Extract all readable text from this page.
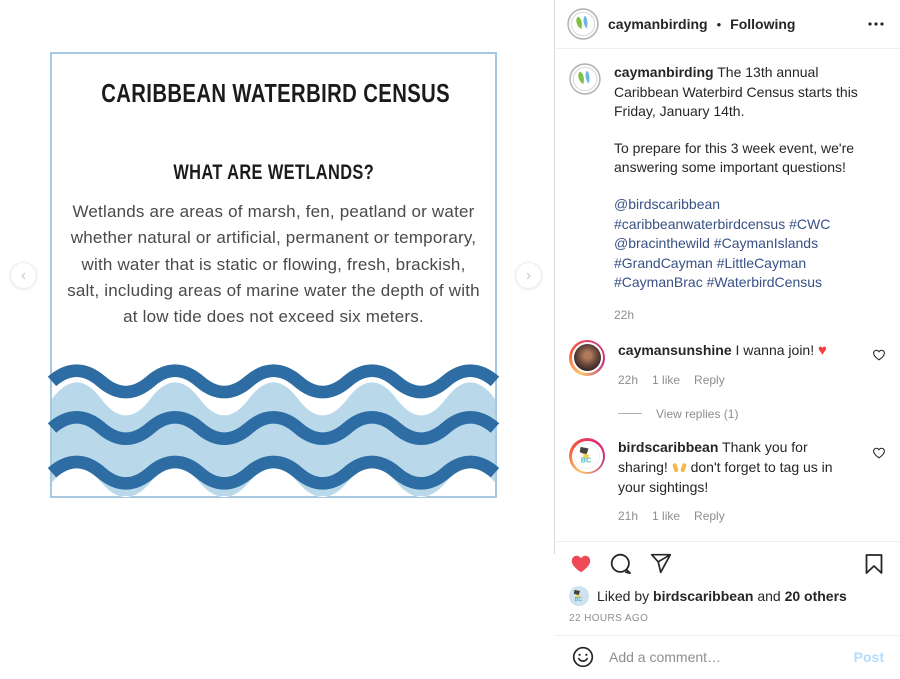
CARIBBEAN WATERBIRD CENSUS
WHAT ARE WETLANDS?
Wetlands are areas of marsh, fen, peatland or water whether natural or artificial, permanent or temporary, with water that is static or flowing, fresh, brackish, salt, including areas of marine water the depth of with at low tide does not exceed six meters.
‹	›
caymanbirding • Following
caymanbirding The 13th annual Caribbean Waterbird Census starts this Friday, January 14th.
To prepare for this 3 week event, we're answering some important questions!
@birdscaribbean #caribbeanwaterbirdcensus #CWC @bracinthewild #CaymanIslands #GrandCayman #LittleCayman #CaymanBrac #WaterbirdCensus
22h
caymansunshine I wanna join! ♥
22h 1 like Reply
View replies (1)
BC
birdscaribbean Thank you for sharing! don't forget to tag us in your sightings!
21h 1 like Reply
BC Liked by birdscaribbean and 20 others
22 HOURS AGO
Add a comment…
Post
